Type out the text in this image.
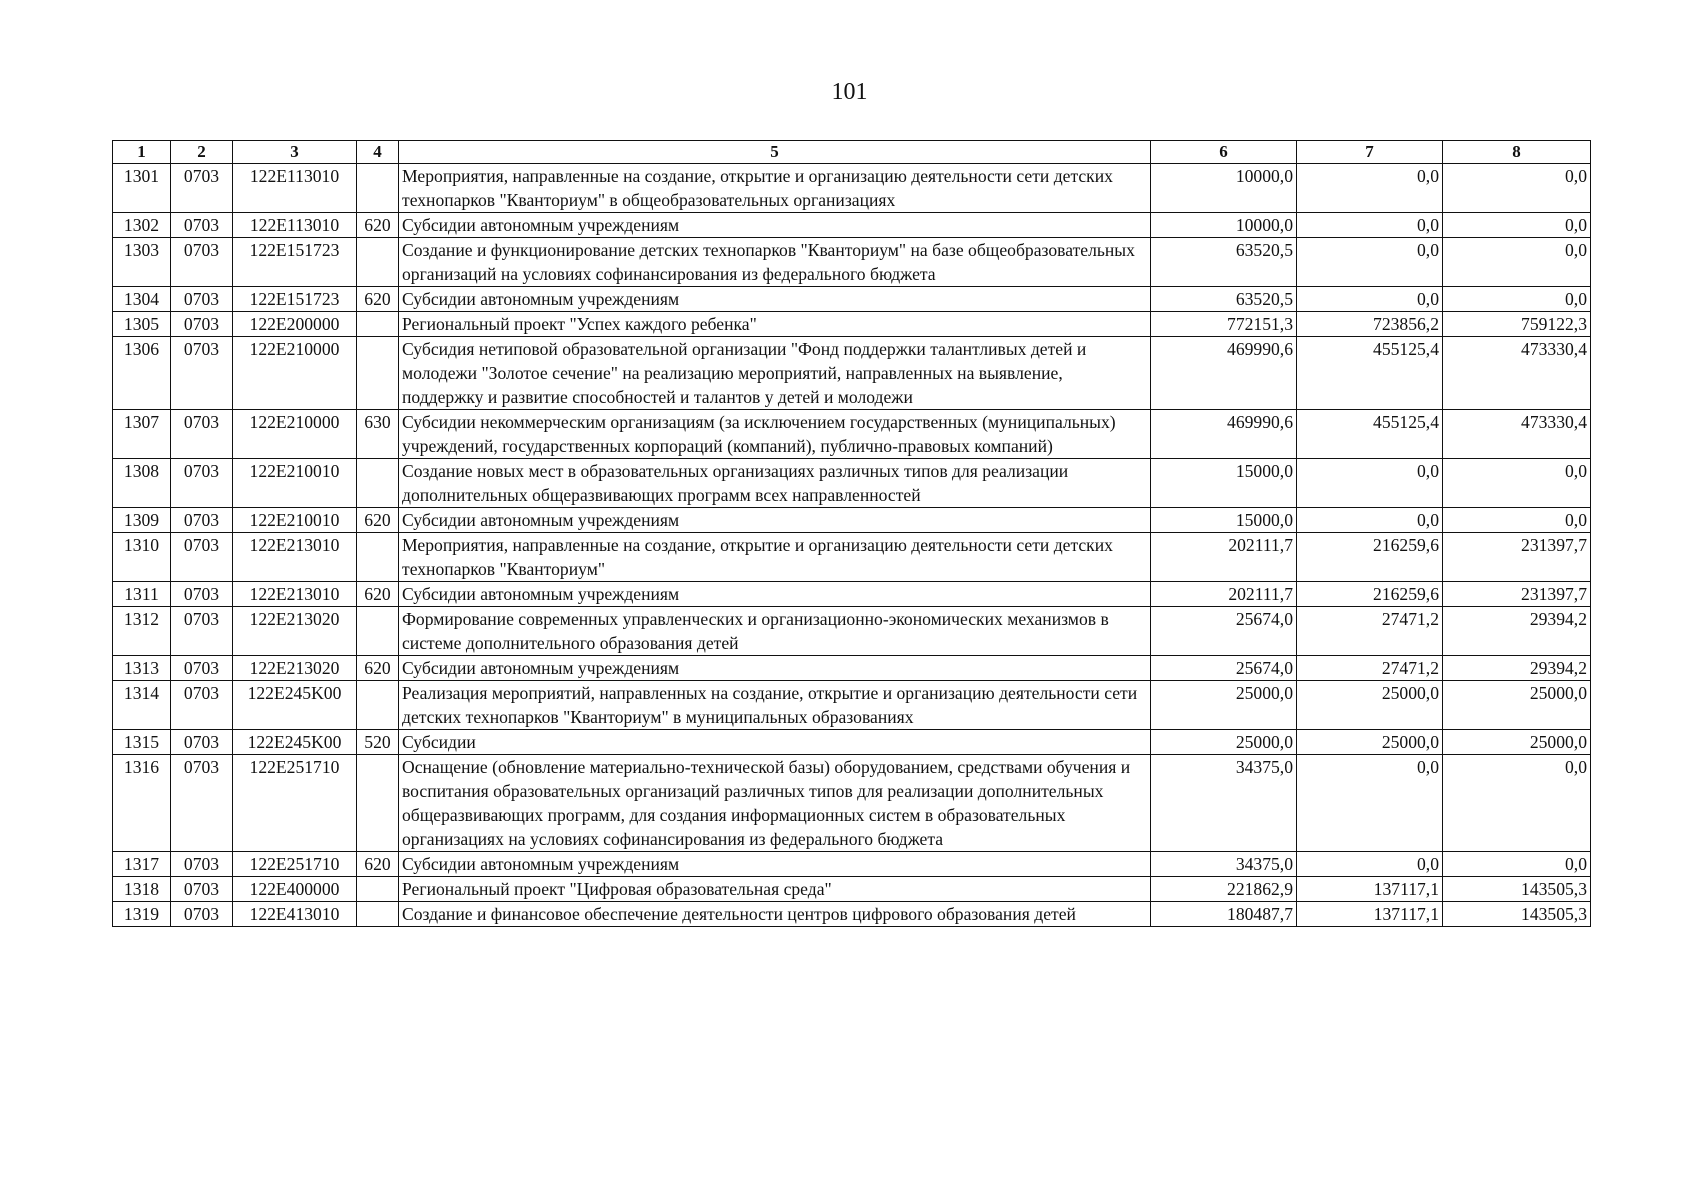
101
1	2	3	4	5	6	7	8
1301	0703	122E113010		Мероприятия, направленные на создание, открытие и организацию деятельности сети детских технопарков "Кванториум" в общеобразовательных организациях	10000,0	0,0	0,0
1302	0703	122E113010	620	Субсидии автономным учреждениям	10000,0	0,0	0,0
1303	0703	122E151723		Создание и функционирование детских технопарков "Кванториум" на базе общеобразовательных организаций на условиях софинансирования из федерального бюджета	63520,5	0,0	0,0
1304	0703	122E151723	620	Субсидии автономным учреждениям	63520,5	0,0	0,0
1305	0703	122E200000		Региональный проект "Успех каждого ребенка"	772151,3	723856,2	759122,3
1306	0703	122E210000		Субсидия нетиповой образовательной организации "Фонд поддержки талантливых детей и молодежи "Золотое сечение" на реализацию мероприятий, направленных на выявление, поддержку и развитие способностей и талантов у детей и молодежи	469990,6	455125,4	473330,4
1307	0703	122E210000	630	Субсидии некоммерческим организациям (за исключением государственных (муниципальных) учреждений, государственных корпораций (компаний), публично-правовых компаний)	469990,6	455125,4	473330,4
1308	0703	122E210010		Создание новых мест в образовательных организациях различных типов для реализации дополнительных общеразвивающих программ всех направленностей	15000,0	0,0	0,0
1309	0703	122E210010	620	Субсидии автономным учреждениям	15000,0	0,0	0,0
1310	0703	122E213010		Мероприятия, направленные на создание, открытие и организацию деятельности сети детских технопарков "Кванториум"	202111,7	216259,6	231397,7
1311	0703	122E213010	620	Субсидии автономным учреждениям	202111,7	216259,6	231397,7
1312	0703	122E213020		Формирование современных управленческих и организационно-экономических механизмов в системе дополнительного образования детей	25674,0	27471,2	29394,2
1313	0703	122E213020	620	Субсидии автономным учреждениям	25674,0	27471,2	29394,2
1314	0703	122E245K00		Реализация мероприятий, направленных на создание, открытие и организацию деятельности сети детских технопарков "Кванториум" в муниципальных образованиях	25000,0	25000,0	25000,0
1315	0703	122E245K00	520	Субсидии	25000,0	25000,0	25000,0
1316	0703	122E251710		Оснащение (обновление материально-технической базы) оборудованием, средствами обучения и воспитания образовательных организаций различных типов для реализации дополнительных общеразвивающих программ, для создания информационных систем в образовательных организациях на условиях софинансирования из федерального бюджета	34375,0	0,0	0,0
1317	0703	122E251710	620	Субсидии автономным учреждениям	34375,0	0,0	0,0
1318	0703	122E400000		Региональный проект "Цифровая образовательная среда"	221862,9	137117,1	143505,3
1319	0703	122E413010		Создание и финансовое обеспечение деятельности центров цифрового образования детей	180487,7	137117,1	143505,3
